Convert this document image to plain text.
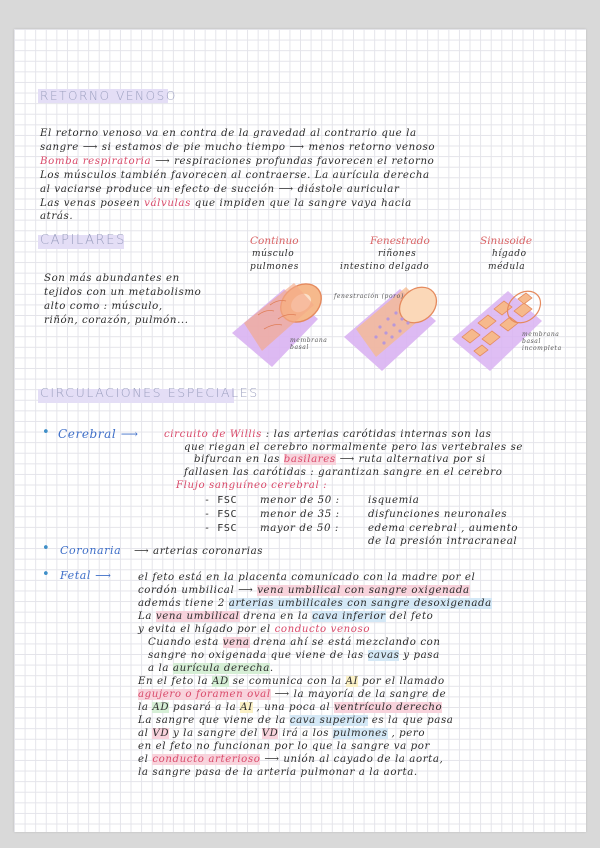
RETORNO VENOSO
El retorno venoso va en contra de la gravedad al contrario que la
sangre ⟶ si estamos de pie mucho tiempo ⟶ menos retorno venoso
Bomba respiratoria ⟶ respiraciones profundas favorecen el retorno
Los músculos también favorecen al contraerse. La aurícula derecha
al vaciarse produce un efecto de succión ⟶ diástole auricular
Las venas poseen válvulas que impiden que la sangre vaya hacia
atrás.
CAPILARES
Son más abundantes en
tejidos con un metabolismo
alto como : músculo,
riñón, corazón, pulmón...
Continuo
músculo
pulmones
Fenestrado
riñones
intestino delgado
Sinusoide
hígado
médula
fenestración (poro)
membrana basal
membrana basal incompleta
CIRCULACIONES ESPECIALES
• Cerebral ⟶ circuito de Willis : las arterias carótidas internas son las
que riegan el cerebro normalmente pero las vertebrales se
bifurcan en las basilares ⟶ ruta alternativa por si
fallasen las carótidas : garantizan sangre en el cerebro
Flujo sanguíneo cerebral :
- FSC menor de 50 :	isquemia
- FSC menor de 35 :	disfunciones neuronales
- FSC mayor de 50 :	edema cerebral , aumento
de la presión intracraneal
• Coronaria ⟶ arterias coronarias
• Fetal ⟶	el feto está en la placenta comunicado con la madre por el
cordón umbilical ⟶ vena umbilical con sangre oxigenada
además tiene 2 arterias umbilicales con sangre desoxigenada
La vena umbilical drena en la cava inferior del feto
y evita el hígado por el conducto venoso
Cuando esta vena drena ahí se está mezclando con
sangre no oxigenada que viene de las cavas y pasa
a la aurícula derecha.
En el feto la AD se comunica con la AI por el llamado
agujero o foramen oval ⟶ la mayoría de la sangre de
la AD pasará a la AI , una poca al ventrículo derecho
La sangre que viene de la cava superior es la que pasa
al VD y la sangre del VD irá a los pulmones , pero
en el feto no funcionan por lo que la sangre va por
el conducto arterioso ⟶ unión al cayado de la aorta,
la sangre pasa de la arteria pulmonar a la aorta.
